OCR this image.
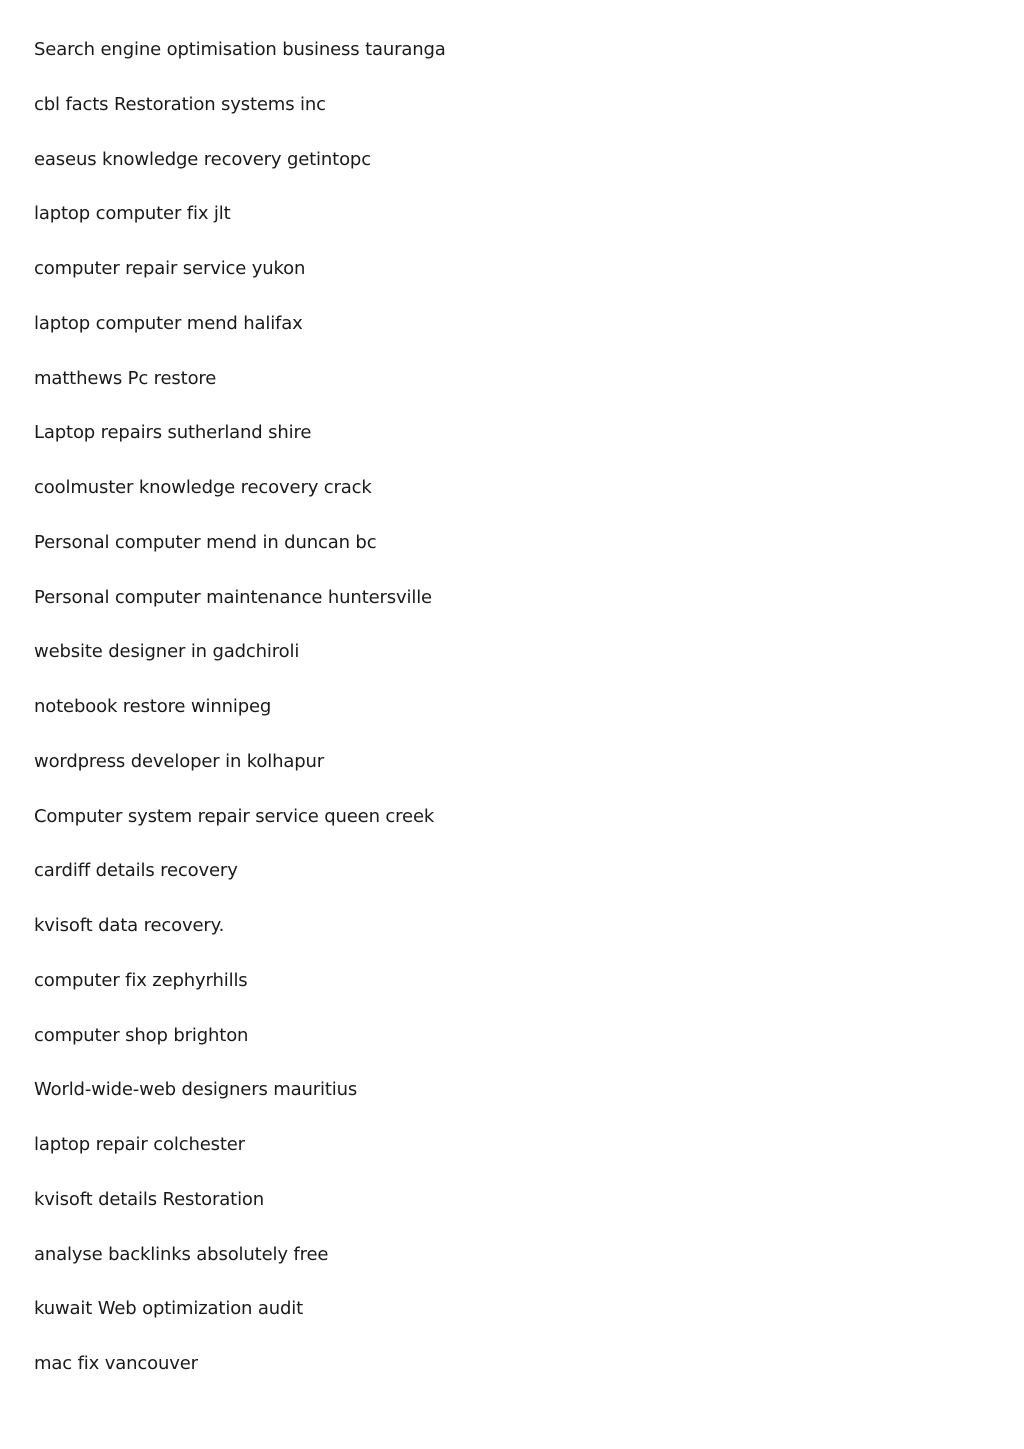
Search engine optimisation business tauranga
cbl facts Restoration systems inc
easeus knowledge recovery getintopc
laptop computer fix jlt
computer repair service yukon
laptop computer mend halifax
matthews Pc restore
Laptop repairs sutherland shire
coolmuster knowledge recovery crack
Personal computer mend in duncan bc
Personal computer maintenance huntersville
website designer in gadchiroli
notebook restore winnipeg
wordpress developer in kolhapur
Computer system repair service queen creek
cardiff details recovery
kvisoft data recovery.
computer fix zephyrhills
computer shop brighton
World-wide-web designers mauritius
laptop repair colchester
kvisoft details Restoration
analyse backlinks absolutely free
kuwait Web optimization audit
mac fix vancouver
